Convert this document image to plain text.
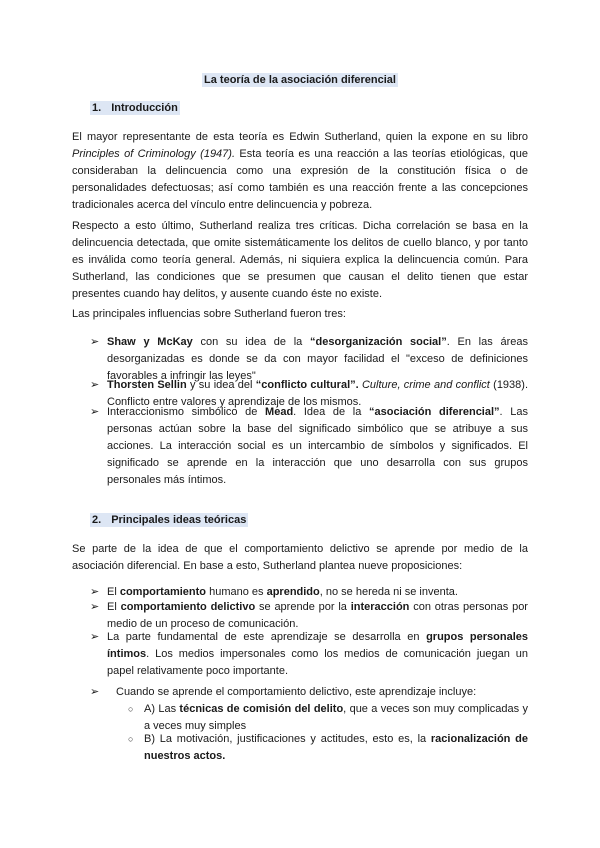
La teoría de la asociación diferencial
1. Introducción
El mayor representante de esta teoría es Edwin Sutherland, quien la expone en su libro Principles of Criminology (1947). Esta teoría es una reacción a las teorías etiológicas, que consideraban la delincuencia como una expresión de la constitución física o de personalidades defectuosas; así como también es una reacción frente a las concepciones tradicionales acerca del vínculo entre delincuencia y pobreza.
Respecto a esto último, Sutherland realiza tres críticas. Dicha correlación se basa en la delincuencia detectada, que omite sistemáticamente los delitos de cuello blanco, y por tanto es inválida como teoría general. Además, ni siquiera explica la delincuencia común. Para Sutherland, las condiciones que se presumen que causan el delito tienen que estar presentes cuando hay delitos, y ausente cuando éste no existe.
Las principales influencias sobre Sutherland fueron tres:
➢ Shaw y McKay con su idea de la “desorganización social”. En las áreas desorganizadas es donde se da con mayor facilidad el "exceso de definiciones favorables a infringir las leyes"
➢ Thorsten Sellin y su idea del “conflicto cultural”. Culture, crime and conflict (1938). Conflicto entre valores y aprendizaje de los mismos.
➢ Interaccionismo simbólico de Mead. Idea de la “asociación diferencial”. Las personas actúan sobre la base del significado simbólico que se atribuye a sus acciones. La interacción social es un intercambio de símbolos y significados. El significado se aprende en la interacción que uno desarrolla con sus grupos personales más íntimos.
2. Principales ideas teóricas
Se parte de la idea de que el comportamiento delictivo se aprende por medio de la asociación diferencial. En base a esto, Sutherland plantea nueve proposiciones:
➢ El comportamiento humano es aprendido, no se hereda ni se inventa.
➢ El comportamiento delictivo se aprende por la interacción con otras personas por medio de un proceso de comunicación.
➢ La parte fundamental de este aprendizaje se desarrolla en grupos personales íntimos. Los medios impersonales como los medios de comunicación juegan un papel relativamente poco importante.
➢	Cuando se aprende el comportamiento delictivo, este aprendizaje incluye:
○ A) Las técnicas de comisión del delito, que a veces son muy complicadas y a veces muy simples
○ B) La motivación, justificaciones y actitudes, esto es, la racionalización de nuestros actos.
